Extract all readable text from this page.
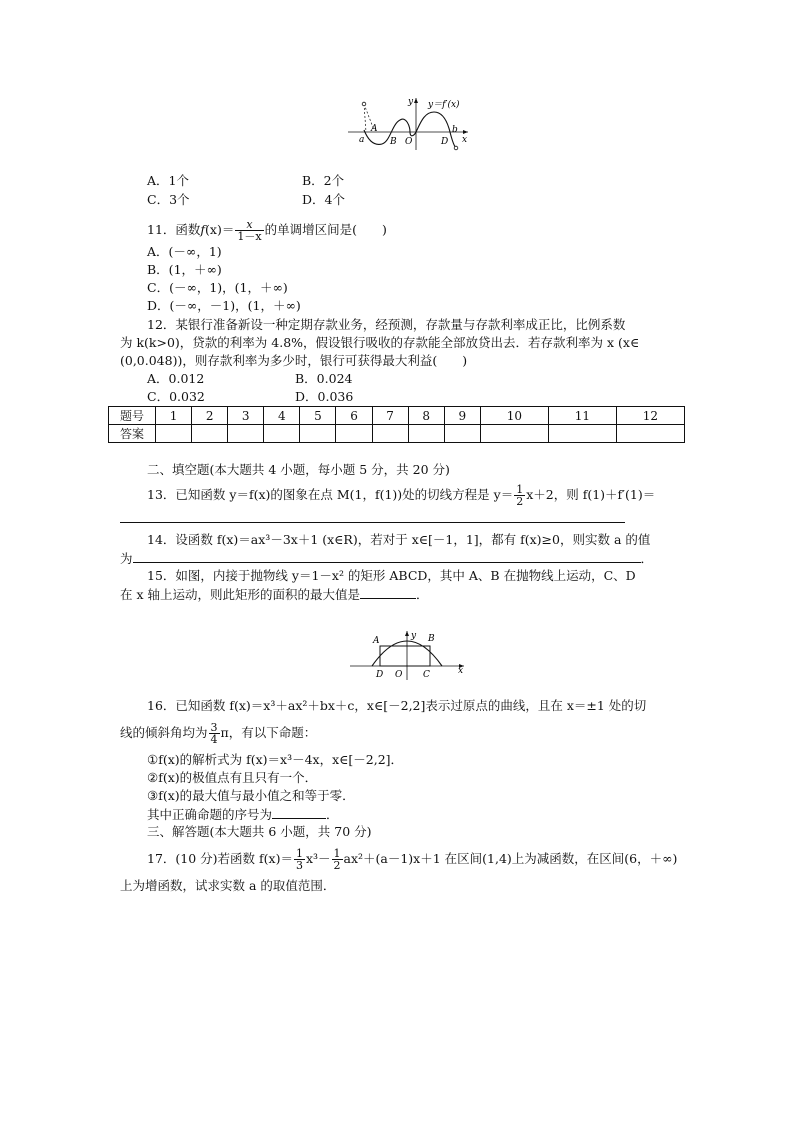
y＝f′(x)
y
x
a
A
B O	D
b
A．1个	B．2个
C．3个	D．4个
11．函数$f(x)= \frac{x}{1-x}$ 的单调增区间是(　　)
A．(－∞，1)
B．(1，＋∞)
C．(－∞，1)，(1，＋∞)
D．(－∞，－1)，(1，＋∞)
12．某银行准备新设一种定期存款业务，经预测，存款量与存款利率成正比，比例系数
为 k(k>0)，贷款的利率为 4.8%，假设银行吸收的存款能全部放贷出去．若存款利率为 x (x∈
(0,0.048))，则存款利率为多少时，银行可获得最大利益(　　)
A．0.012	B．0.024
C．0.032	D．0.036
题号	1	2	3	4	5	6	7	8	9	10	11	12
答案												
二、填空题(本大题共 4 小题，每小题 5 分，共 20 分)
13．已知函数 y＝f(x)的图象在点 M(1，f(1))处的切线方程是 $y= \frac{1}{2} x+2$，则 f(1)＋f′(1)＝
14．设函数 f(x)＝ax³－3x＋1 (x∈R)，若对于 x∈[－1，1]，都有 f(x)≥0，则实数 a 的值
为	．
15．如图，内接于抛物线 y＝1－x² 的矩形 ABCD，其中 A、B 在抛物线上运动，C、D
在 x 轴上运动，则此矩形的面积的最大值是	．
A	B
y
D O C	x
16．已知函数 f(x)＝x³＋ax²＋bx＋c，x∈[－2,2]表示过原点的曲线，且在 x＝±1 处的切
线的倾斜角均为 $\frac{3}{4}$ π，有以下命题：
①f(x)的解析式为 f(x)＝x³－4x，x∈[－2,2]．
②f(x)的极值点有且只有一个．
③f(x)的最大值与最小值之和等于零．
其中正确命题的序号为	．
三、解答题(本大题共 6 小题，共 70 分)
17．(10 分)若函数 $f(x)= \frac{1}{3} x^3- \frac{1}{2} ax^2+(a-1)x+1$ 在区间(1,4)上为减函数，在区间(6，＋∞)
上为增函数，试求实数 a 的取值范围．
